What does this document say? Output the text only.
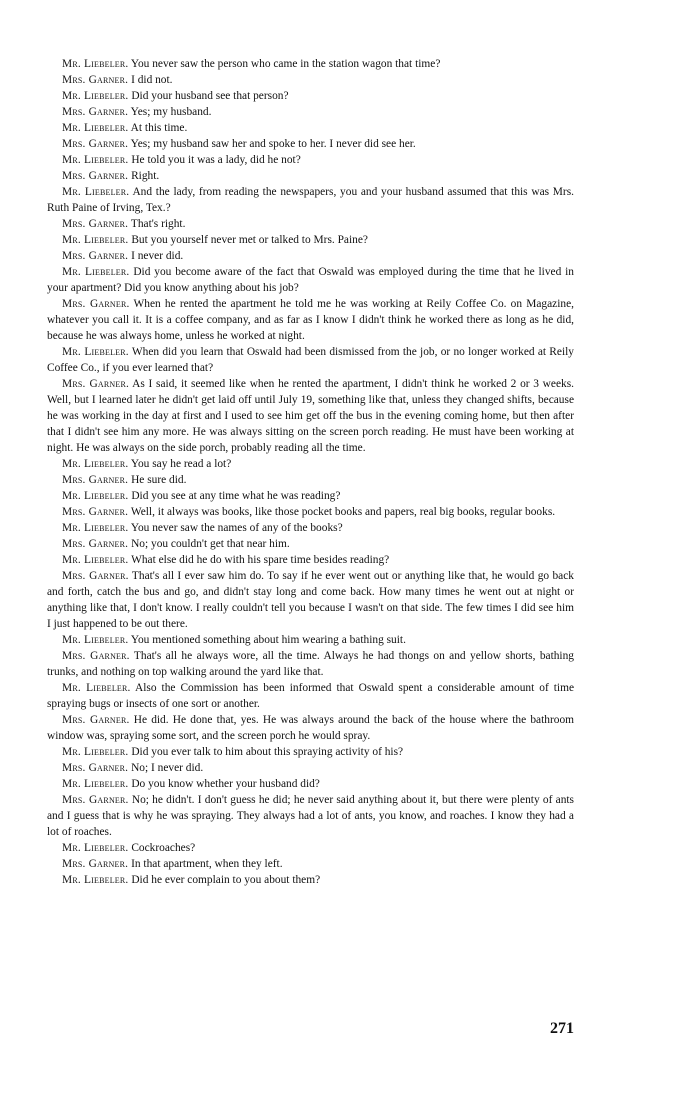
Mr. Liebeler. You never saw the person who came in the station wagon that time?

Mrs. Garner. I did not.

Mr. Liebeler. Did your husband see that person?

Mrs. Garner. Yes; my husband.

Mr. Liebeler. At this time.

Mrs. Garner. Yes; my husband saw her and spoke to her. I never did see her.

Mr. Liebeler. He told you it was a lady, did he not?

Mrs. Garner. Right.

Mr. Liebeler. And the lady, from reading the newspapers, you and your husband assumed that this was Mrs. Ruth Paine of Irving, Tex.?

Mrs. Garner. That's right.

Mr. Liebeler. But you yourself never met or talked to Mrs. Paine?

Mrs. Garner. I never did.

Mr. Liebeler. Did you become aware of the fact that Oswald was employed during the time that he lived in your apartment? Did you know anything about his job?

Mrs. Garner. When he rented the apartment he told me he was working at Reily Coffee Co. on Magazine, whatever you call it. It is a coffee company, and as far as I know I didn't think he worked there as long as he did, because he was always home, unless he worked at night.

Mr. Liebeler. When did you learn that Oswald had been dismissed from the job, or no longer worked at Reily Coffee Co., if you ever learned that?

Mrs. Garner. As I said, it seemed like when he rented the apartment, I didn't think he worked 2 or 3 weeks. Well, but I learned later he didn't get laid off until July 19, something like that, unless they changed shifts, because he was working in the day at first and I used to see him get off the bus in the evening coming home, but then after that I didn't see him any more. He was always sitting on the screen porch reading. He must have been working at night. He was always on the side porch, probably reading all the time.

Mr. Liebeler. You say he read a lot?

Mrs. Garner. He sure did.

Mr. Liebeler. Did you see at any time what he was reading?

Mrs. Garner. Well, it always was books, like those pocket books and papers, real big books, regular books.

Mr. Liebeler. You never saw the names of any of the books?

Mrs. Garner. No; you couldn't get that near him.

Mr. Liebeler. What else did he do with his spare time besides reading?

Mrs. Garner. That's all I ever saw him do. To say if he ever went out or anything like that, he would go back and forth, catch the bus and go, and didn't stay long and come back. How many times he went out at night or anything like that, I don't know. I really couldn't tell you because I wasn't on that side. The few times I did see him I just happened to be out there.

Mr. Liebeler. You mentioned something about him wearing a bathing suit.

Mrs. Garner. That's all he always wore, all the time. Always he had thongs on and yellow shorts, bathing trunks, and nothing on top walking around the yard like that.

Mr. Liebeler. Also the Commission has been informed that Oswald spent a considerable amount of time spraying bugs or insects of one sort or another.

Mrs. Garner. He did. He done that, yes. He was always around the back of the house where the bathroom window was, spraying some sort, and the screen porch he would spray.

Mr. Liebeler. Did you ever talk to him about this spraying activity of his?

Mrs. Garner. No; I never did.

Mr. Liebeler. Do you know whether your husband did?

Mrs. Garner. No; he didn't. I don't guess he did; he never said anything about it, but there were plenty of ants and I guess that is why he was spraying. They always had a lot of ants, you know, and roaches. I know they had a lot of roaches.

Mr. Liebeler. Cockroaches?

Mrs. Garner. In that apartment, when they left.

Mr. Liebeler. Did he ever complain to you about them?

271
